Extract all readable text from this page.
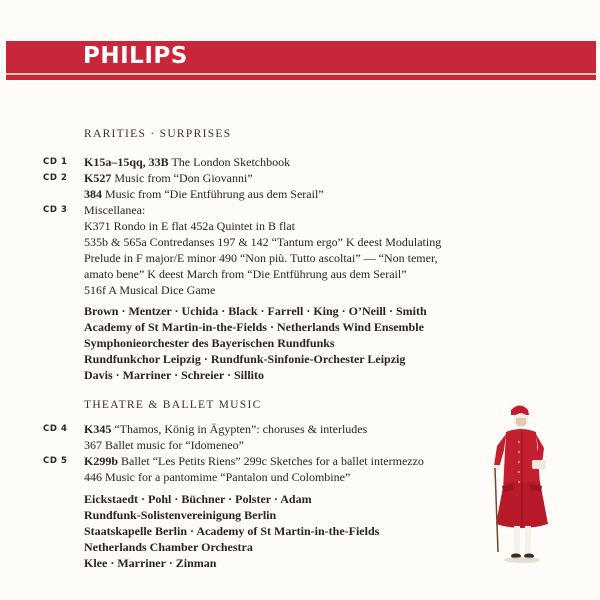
PHILIPS
RARITIES · SURPRISES
CD 1 K15a–15qq, 33B The London Sketchbook
CD 2 K527 Music from “Don Giovanni”
384 Music from “Die Entführung aus dem Serail”
CD 3 Miscellanea:
K371 Rondo in E flat 452a Quintet in B flat
535b & 565a Contredanses 197 & 142 “Tantum ergo” K deest Modulating
Prelude in F major/E minor 490 “Non più. Tutto ascoltai” — “Non temer,
amato bene” K deest March from “Die Entführung aus dem Serail”
516f A Musical Dice Game
Brown · Mentzer · Uchida · Black · Farrell · King · O’Neill · Smith
Academy of St Martin-in-the-Fields · Netherlands Wind Ensemble
Symphonieorchester des Bayerischen Rundfunks
Rundfunkchor Leipzig · Rundfunk-Sinfonie-Orchester Leipzig
Davis · Marriner · Schreier · Sillito
THEATRE & BALLET MUSIC
CD 4 K345 “Thamos, König in Ägypten”: choruses & interludes
367 Ballet music for “Idomeneo”
CD 5 K299b Ballet “Les Petits Riens” 299c Sketches for a ballet intermezzo
446 Music for a pantomime “Pantalon und Colombine”
Eickstaedt · Pohl · Büchner · Polster · Adam
Rundfunk-Solistenvereinigung Berlin
Staatskapelle Berlin · Academy of St Martin-in-the-Fields
Netherlands Chamber Orchestra
Klee · Marriner · Zinman
